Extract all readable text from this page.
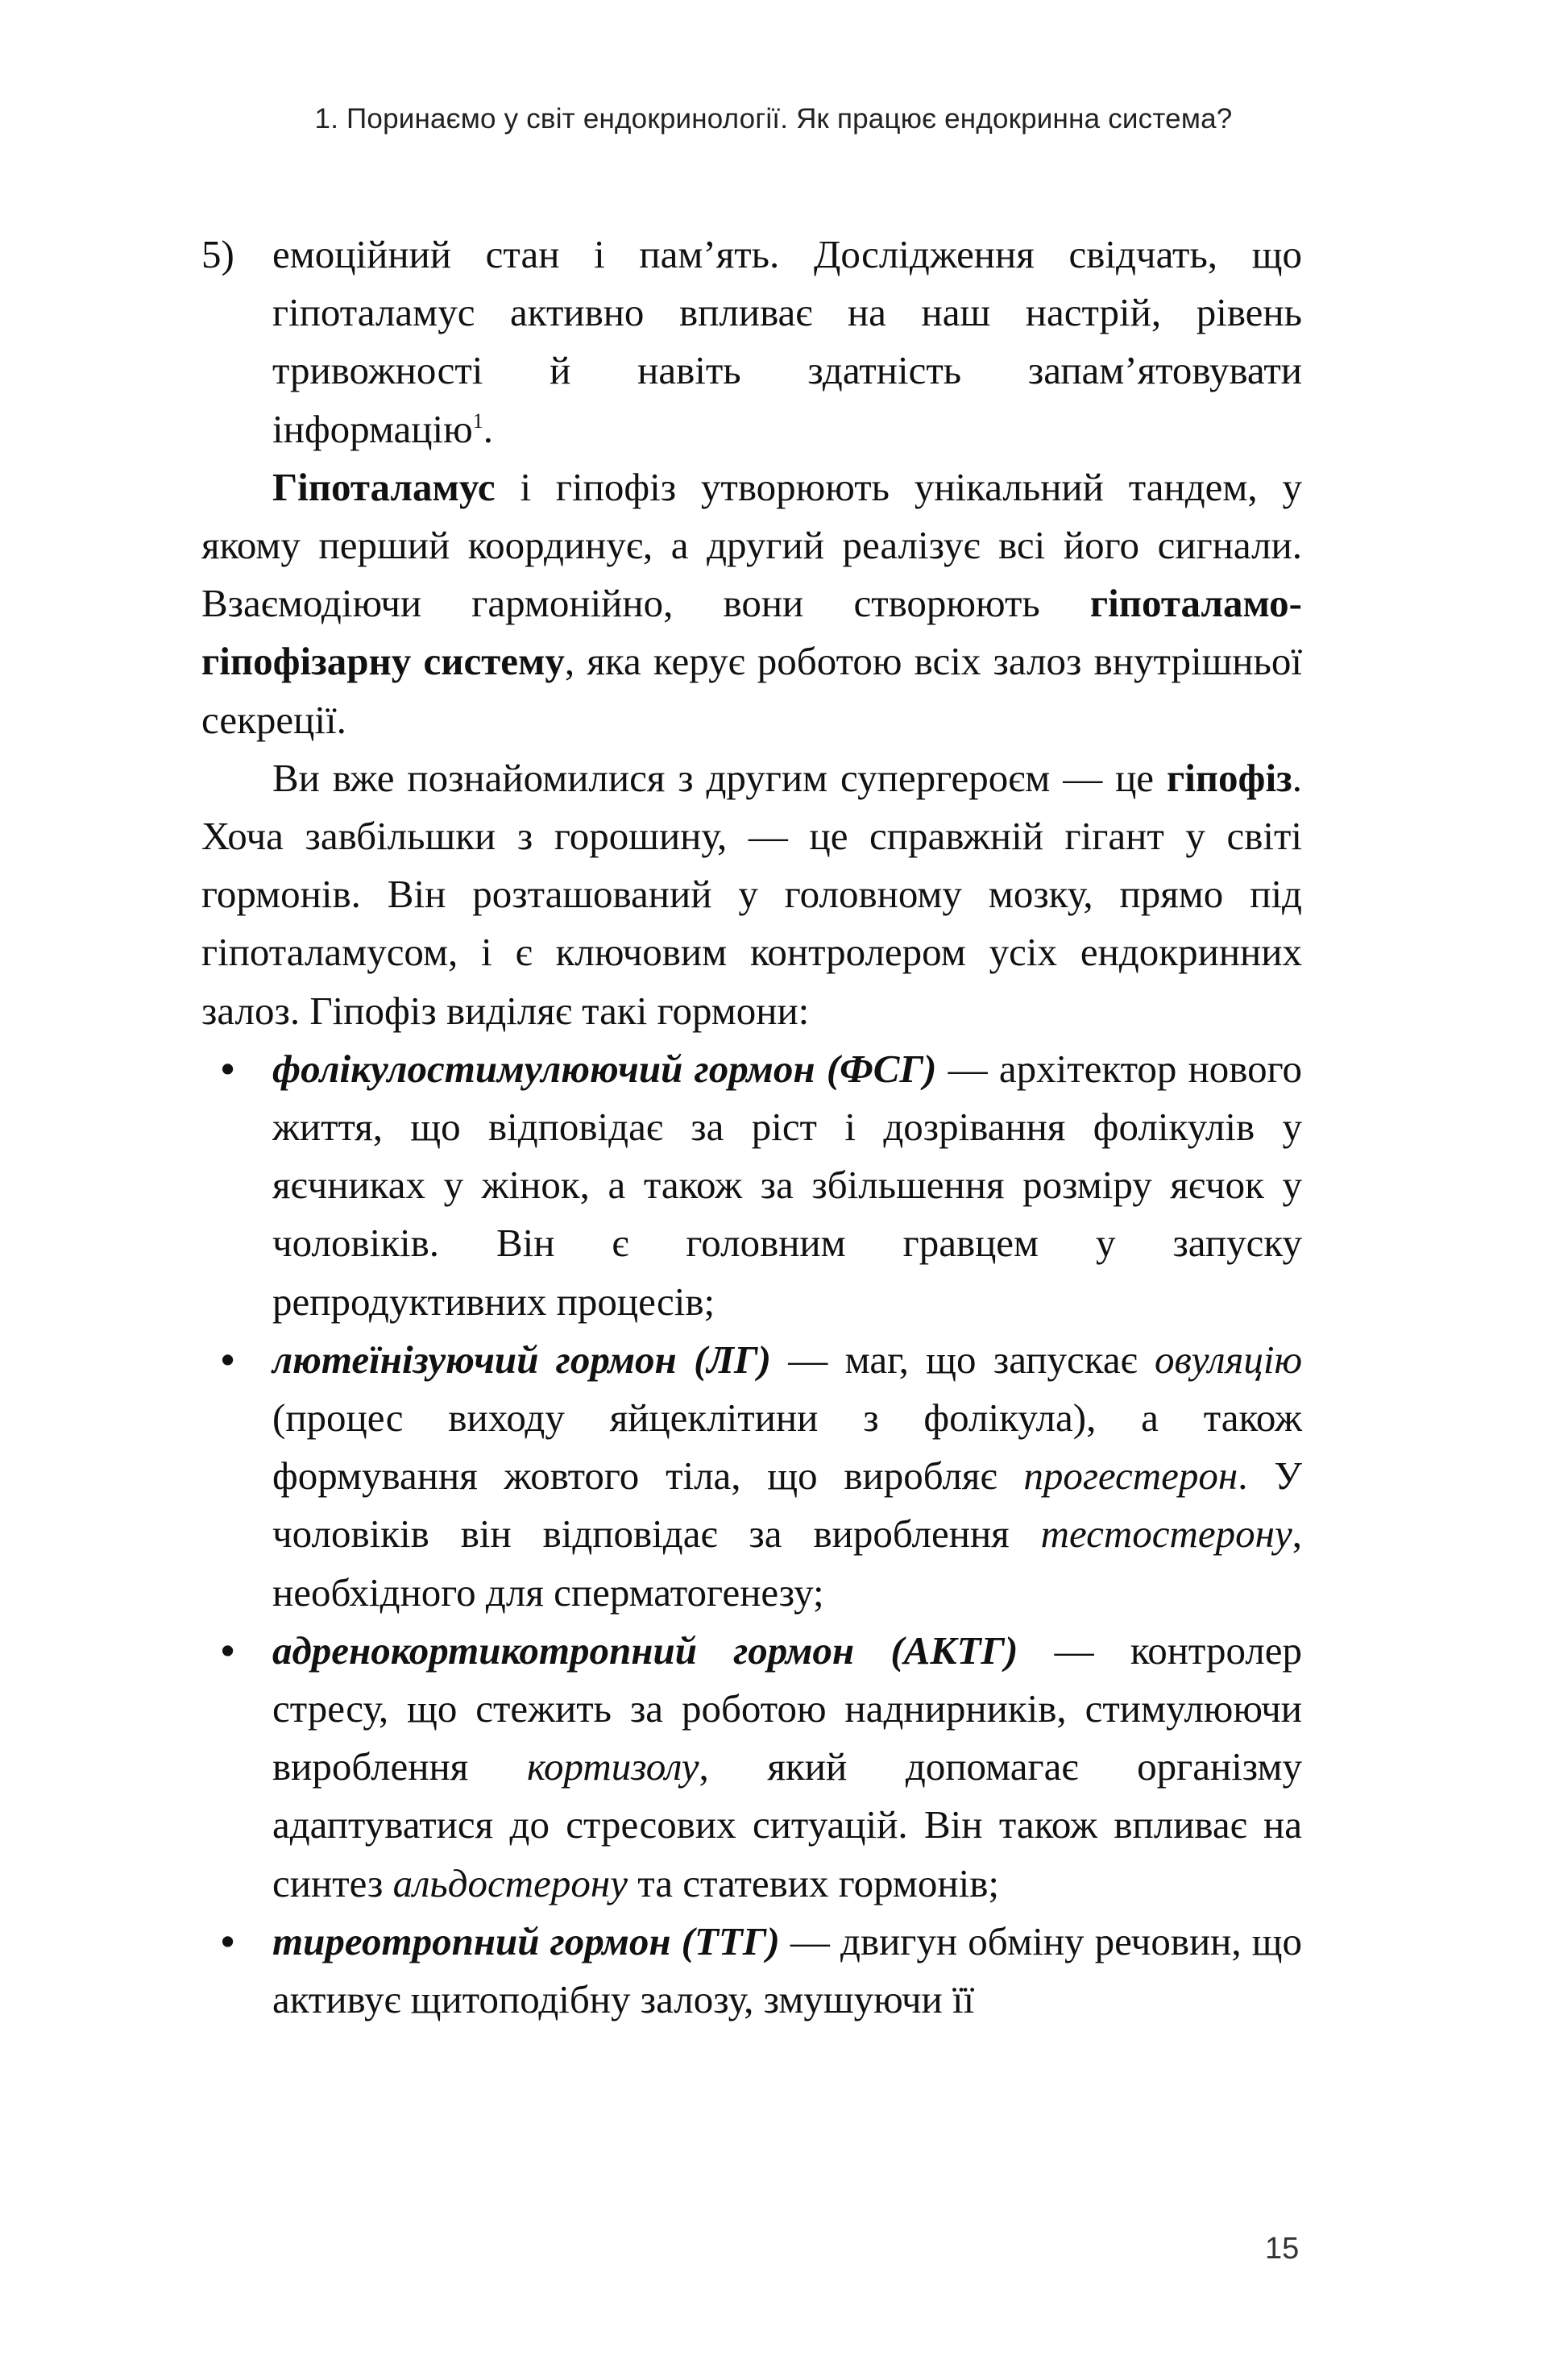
1. Поринаємо у світ ендокринології. Як працює ендокринна система?

5) емоційний стан і пам’ять. Дослідження свідчать, що гіпоталамус активно впливає на наш настрій, рівень тривожності й навіть здатність запам’ятовувати інформацію$^1$.

Гіпоталамус і гіпофіз утворюють унікальний тандем, у якому перший координує, а другий реалізує всі його сигнали. Взаємодіючи гармонійно, вони створюють гіпоталамо-гіпофізарну систему, яка керує роботою всіх залоз внутрішньої секреції.

Ви вже познайомилися з другим супергероєм — це гіпофіз. Хоча завбільшки з горошину, — це справжній гігант у світі гормонів. Він розташований у головному мозку, прямо під гіпоталамусом, і є ключовим контролером усіх ендокринних залоз. Гіпофіз виділяє такі гормони:

• фолікулостимулюючий гормон (ФСГ) — архітектор нового життя, що відповідає за ріст і дозрівання фолікулів у яєчниках у жінок, а також за збільшення розміру яєчок у чоловіків. Він є головним гравцем у запуску репродуктивних процесів;
• лютеїнізуючий гормон (ЛГ) — маг, що запускає овуляцію (процес виходу яйцеклітини з фолікула), а також формування жовтого тіла, що виробляє прогестерон. У чоловіків він відповідає за вироблення тестостерону, необхідного для сперматогенезу;
• адренокортикотропний гормон (АКТГ) — контролер стресу, що стежить за роботою наднирників, стимулюючи вироблення кортизолу, який допомагає організму адаптуватися до стресових ситуацій. Він також впливає на синтез альдостерону та статевих гормонів;
• тиреотропний гормон (ТТГ) — двигун обміну речовин, що активує щитоподібну залозу, змушуючи її
15
